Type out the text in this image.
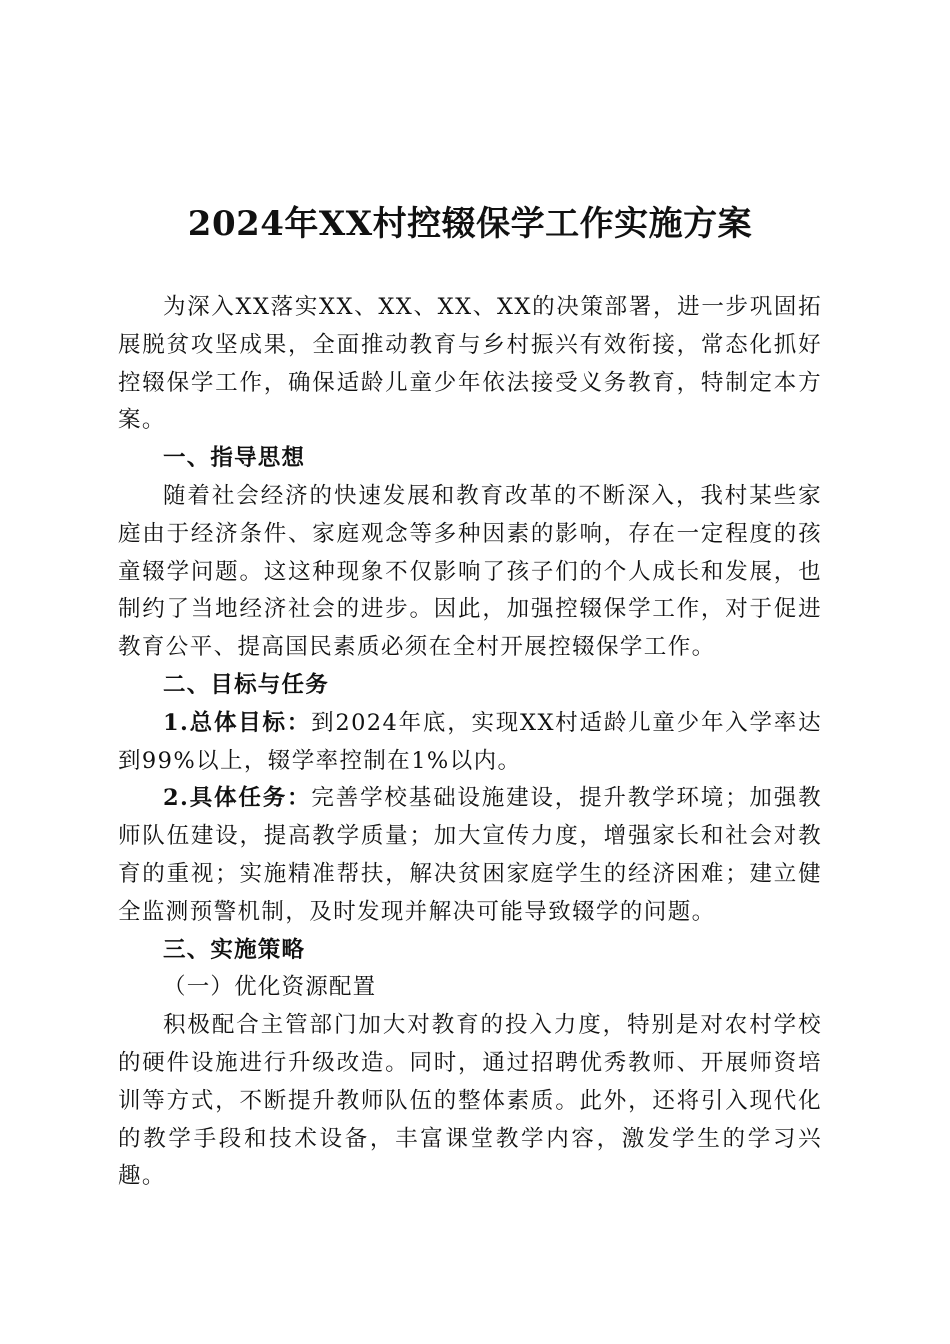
2024年XX村控辍保学工作实施方案

为深入XX落实XX、XX、XX、XX的决策部署，进一步巩固拓展脱贫攻坚成果，全面推动教育与乡村振兴有效衔接，常态化抓好控辍保学工作，确保适龄儿童少年依法接受义务教育，特制定本方案。

一、指导思想

随着社会经济的快速发展和教育改革的不断深入，我村某些家庭由于经济条件、家庭观念等多种因素的影响，存在一定程度的孩童辍学问题。这这种现象不仅影响了孩子们的个人成长和发展，也制约了当地经济社会的进步。因此，加强控辍保学工作，对于促进教育公平、提高国民素质必须在全村开展控辍保学工作。

二、目标与任务

1.总体目标：到2024年底，实现XX村适龄儿童少年入学率达到99%以上，辍学率控制在1%以内。

2.具体任务：完善学校基础设施建设，提升教学环境；加强教师队伍建设，提高教学质量；加大宣传力度，增强家长和社会对教育的重视；实施精准帮扶，解决贫困家庭学生的经济困难；建立健全监测预警机制，及时发现并解决可能导致辍学的问题。

三、实施策略

（一）优化资源配置

积极配合主管部门加大对教育的投入力度，特别是对农村学校的硬件设施进行升级改造。同时，通过招聘优秀教师、开展师资培训等方式，不断提升教师队伍的整体素质。此外，还将引入现代化的教学手段和技术设备，丰富课堂教学内容，激发学生的学习兴趣。
